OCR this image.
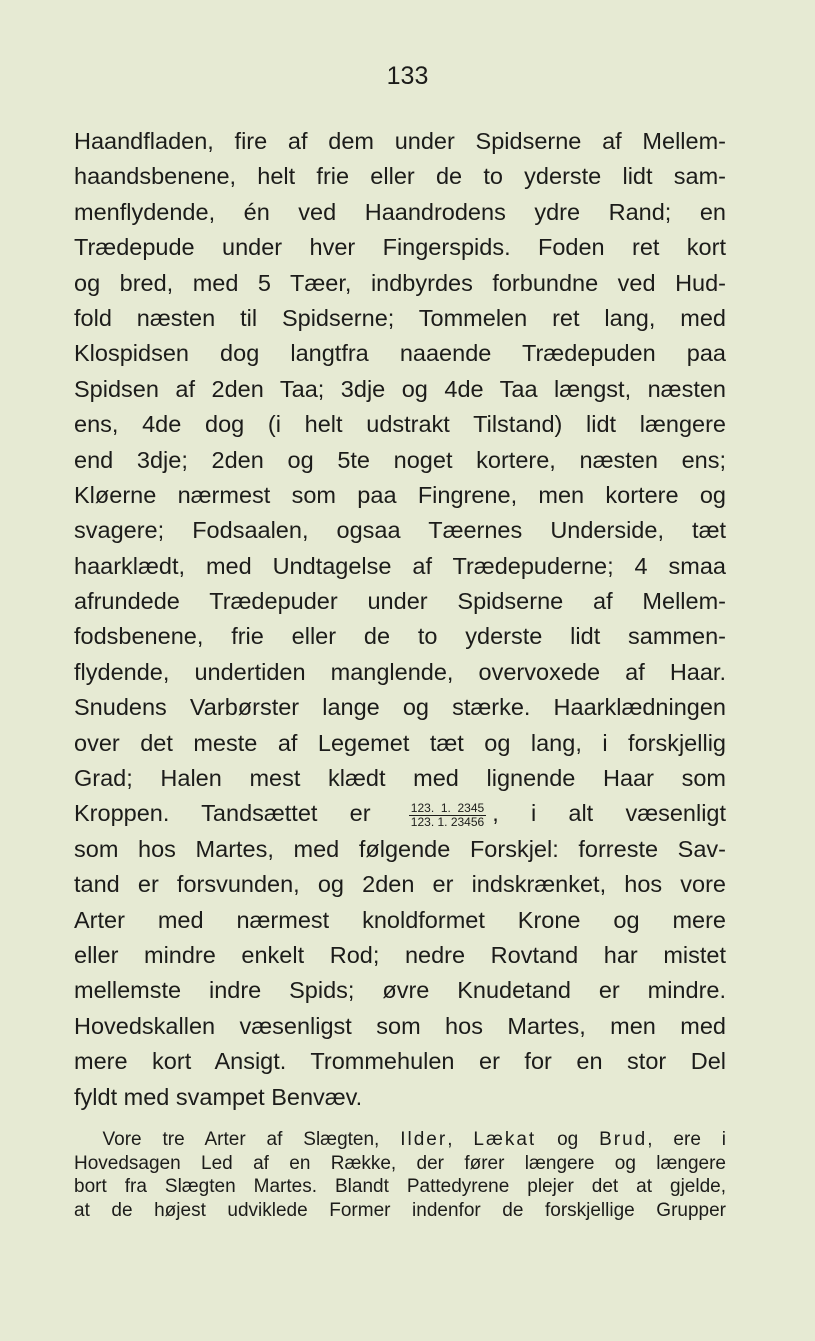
133
Haandfladen, fire af dem under Spidserne af Mellem-
haandsbenene, helt frie eller de to yderste lidt sam-
menflydende, én ved Haandrodens ydre Rand; en
Trædepude under hver Fingerspids. Foden ret kort
og bred, med 5 Tæer, indbyrdes forbundne ved Hud-
fold næsten til Spidserne; Tommelen ret lang, med
Klospidsen dog langtfra naaende Trædepuden paa
Spidsen af 2den Taa; 3dje og 4de Taa længst, næsten
ens, 4de dog (i helt udstrakt Tilstand) lidt længere
end 3dje; 2den og 5te noget kortere, næsten ens;
Kløerne nærmest som paa Fingrene, men kortere og
svagere; Fodsaalen, ogsaa Tæernes Underside, tæt
haarklædt, med Undtagelse af Trædepuderne; 4 smaa
afrundede Trædepuder under Spidserne af Mellem-
fodsbenene, frie eller de to yderste lidt sammen-
flydende, undertiden manglende, overvoxede af Haar.
Snudens Varbørster lange og stærke. Haarklædningen
over det meste af Legemet tæt og lang, i forskjellig
Grad; Halen mest klædt med lignende Haar som
Kroppen. Tandsættet er	$\frac{123. 1. 2345}{123. 1. 23456}$ , i alt væsenligt
som hos Martes, med følgende Forskjel: forreste Sav-
tand er forsvunden, og 2den er indskrænket, hos vore
Arter med nærmest knoldformet Krone og mere
eller mindre enkelt Rod; nedre Rovtand har mistet
mellemste indre Spids; øvre Knudetand er mindre.
Hovedskallen væsenligst som hos Martes, men med
mere kort Ansigt. Trommehulen er for en stor Del
fyldt med svampet Benvæv.
  Vore tre Arter af Slægten, Ilder, Lækat og Brud, ere i
Hovedsagen Led af en Række, der fører længere og længere
bort fra Slægten Martes. Blandt Pattedyrene plejer det at gjelde,
at de højest udviklede Former indenfor de forskjellige Grupper
